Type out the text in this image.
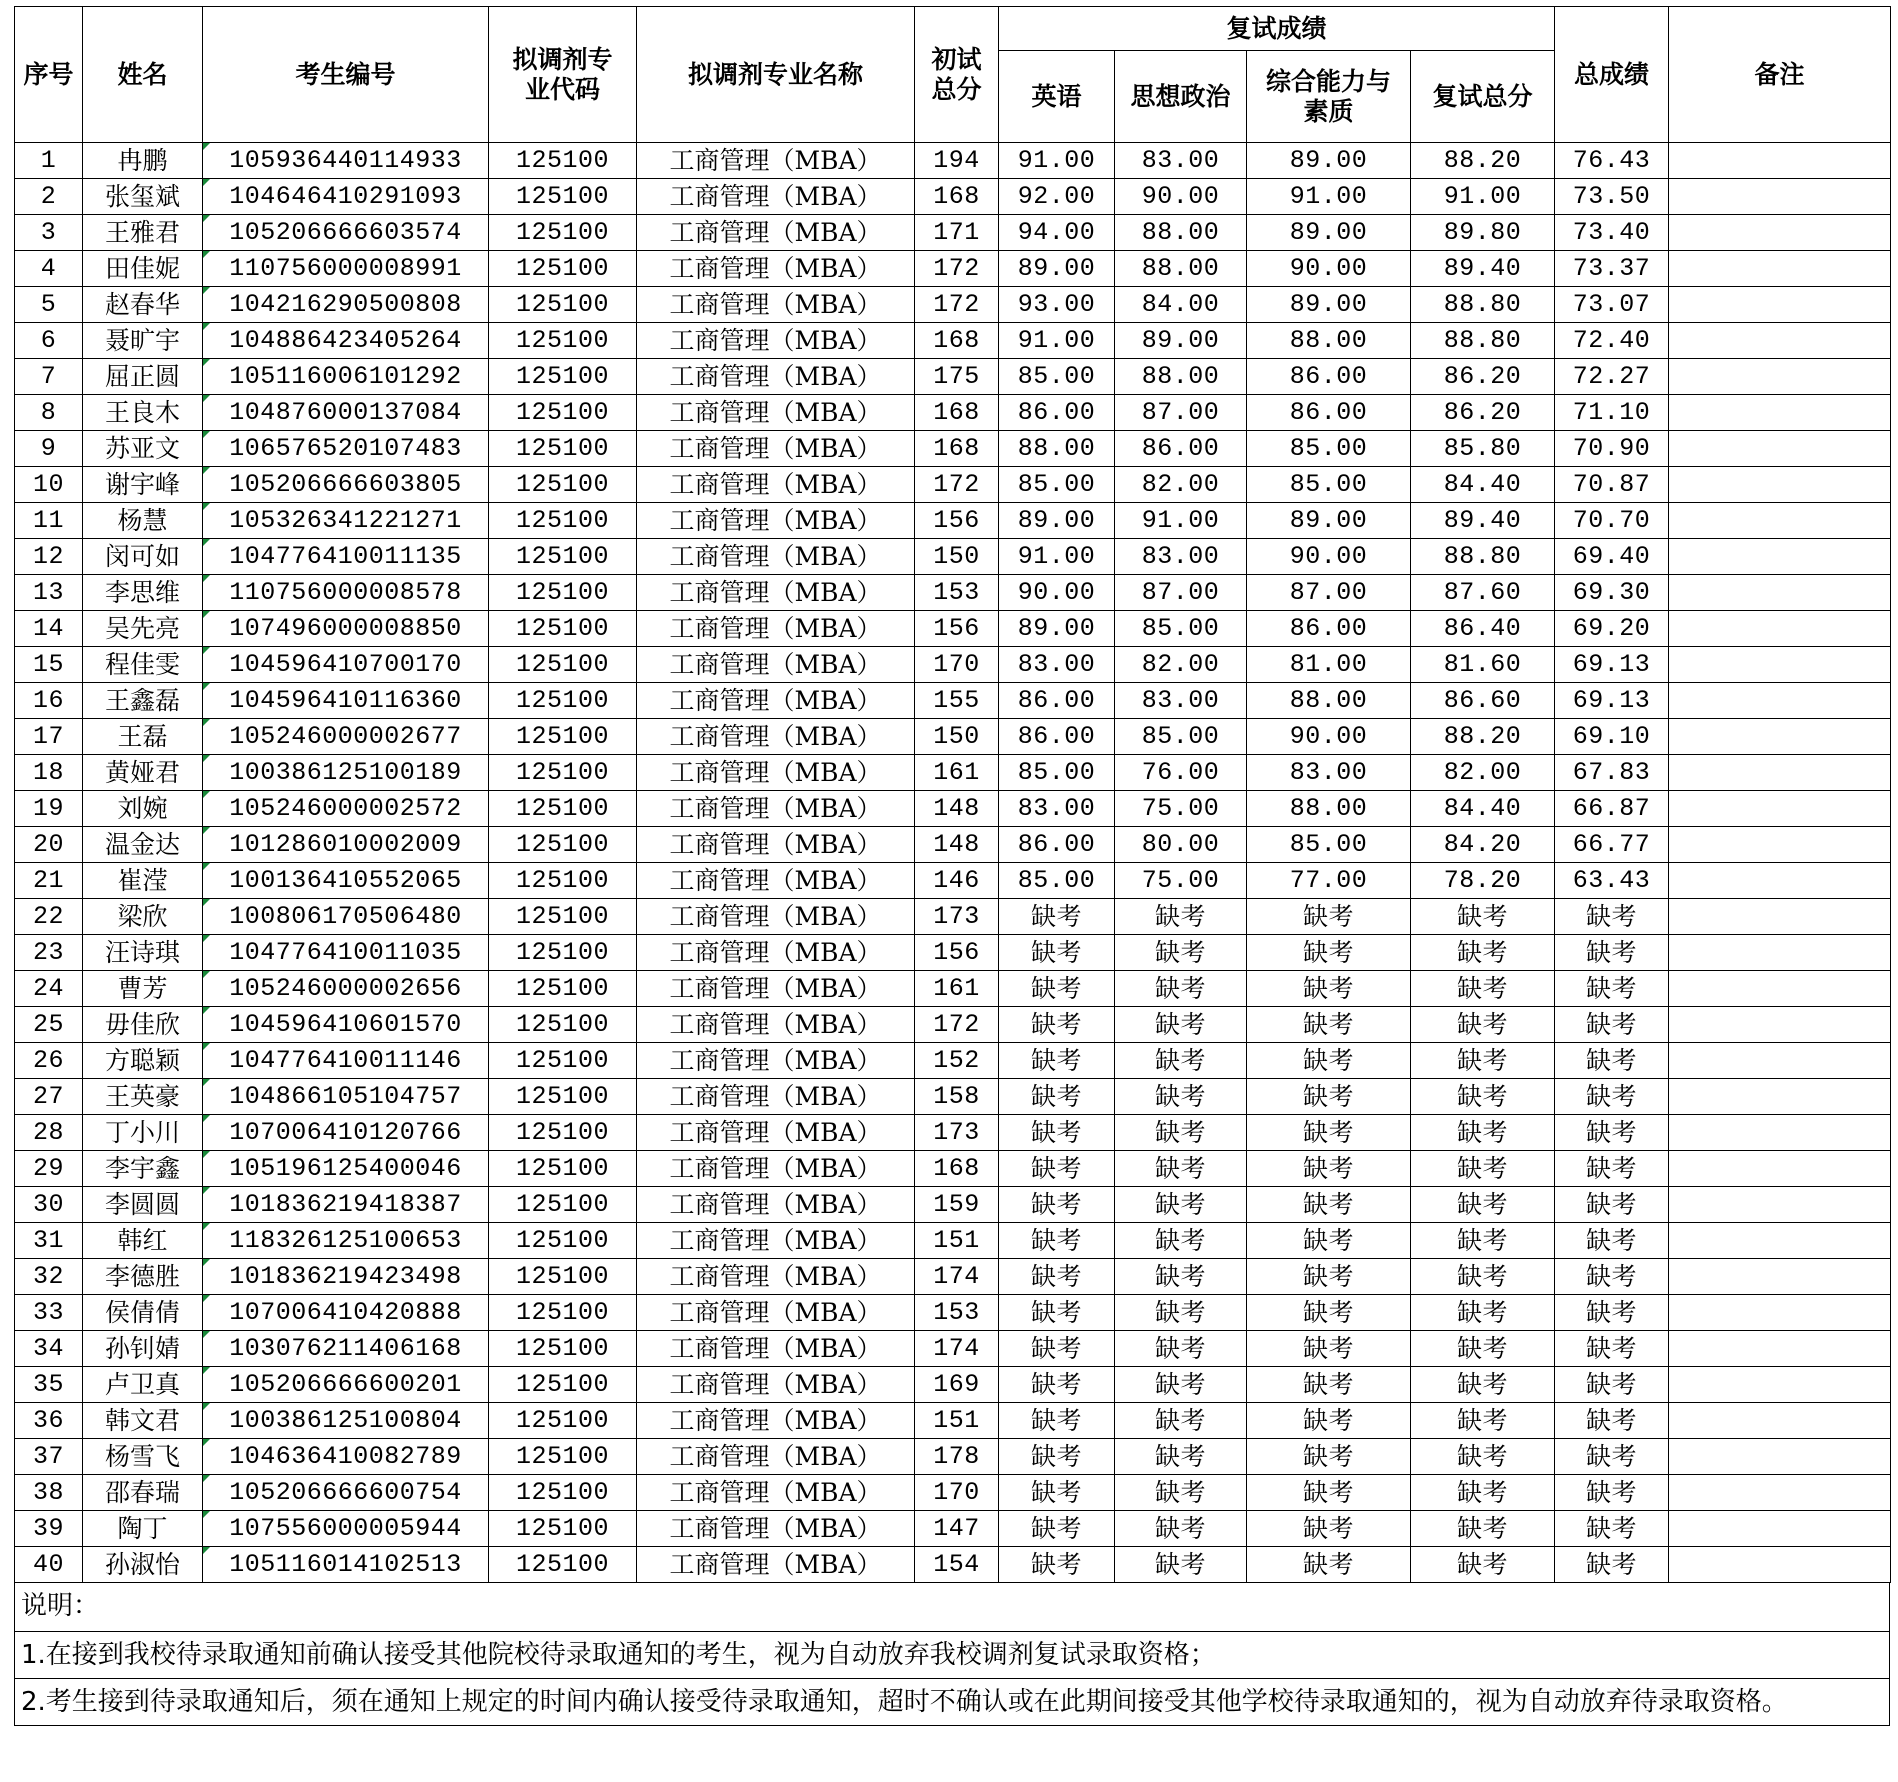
序号	姓名	考生编号	拟调剂专业代码	拟调剂专业名称	初试总分	复试成绩				总成绩	备注
						英语	思想政治	综合能力与素质	复试总分		
1	冉鹏	105936440114933	125100	工商管理（MBA）	194	91.00	83.00	89.00	88.20	76.43	
2	张玺斌	104646410291093	125100	工商管理（MBA）	168	92.00	90.00	91.00	91.00	73.50	
3	王雅君	105206666603574	125100	工商管理（MBA）	171	94.00	88.00	89.00	89.80	73.40	
4	田佳妮	110756000008991	125100	工商管理（MBA）	172	89.00	88.00	90.00	89.40	73.37	
5	赵春华	104216290500808	125100	工商管理（MBA）	172	93.00	84.00	89.00	88.80	73.07	
6	聂旷宇	104886423405264	125100	工商管理（MBA）	168	91.00	89.00	88.00	88.80	72.40	
7	屈正圆	105116006101292	125100	工商管理（MBA）	175	85.00	88.00	86.00	86.20	72.27	
8	王良木	104876000137084	125100	工商管理（MBA）	168	86.00	87.00	86.00	86.20	71.10	
9	苏亚文	106576520107483	125100	工商管理（MBA）	168	88.00	86.00	85.00	85.80	70.90	
10	谢宇峰	105206666603805	125100	工商管理（MBA）	172	85.00	82.00	85.00	84.40	70.87	
11	杨慧	105326341221271	125100	工商管理（MBA）	156	89.00	91.00	89.00	89.40	70.70	
12	闵可如	104776410011135	125100	工商管理（MBA）	150	91.00	83.00	90.00	88.80	69.40	
13	李思维	110756000008578	125100	工商管理（MBA）	153	90.00	87.00	87.00	87.60	69.30	
14	吴先亮	107496000008850	125100	工商管理（MBA）	156	89.00	85.00	86.00	86.40	69.20	
15	程佳雯	104596410700170	125100	工商管理（MBA）	170	83.00	82.00	81.00	81.60	69.13	
16	王鑫磊	104596410116360	125100	工商管理（MBA）	155	86.00	83.00	88.00	86.60	69.13	
17	王磊	105246000002677	125100	工商管理（MBA）	150	86.00	85.00	90.00	88.20	69.10	
18	黄娅君	100386125100189	125100	工商管理（MBA）	161	85.00	76.00	83.00	82.00	67.83	
19	刘婉	105246000002572	125100	工商管理（MBA）	148	83.00	75.00	88.00	84.40	66.87	
20	温金达	101286010002009	125100	工商管理（MBA）	148	86.00	80.00	85.00	84.20	66.77	
21	崔滢	100136410552065	125100	工商管理（MBA）	146	85.00	75.00	77.00	78.20	63.43	
22	梁欣	100806170506480	125100	工商管理（MBA）	173	缺考	缺考	缺考	缺考	缺考	
23	汪诗琪	104776410011035	125100	工商管理（MBA）	156	缺考	缺考	缺考	缺考	缺考	
24	曹芳	105246000002656	125100	工商管理（MBA）	161	缺考	缺考	缺考	缺考	缺考	
25	毋佳欣	104596410601570	125100	工商管理（MBA）	172	缺考	缺考	缺考	缺考	缺考	
26	方聪颖	104776410011146	125100	工商管理（MBA）	152	缺考	缺考	缺考	缺考	缺考	
27	王英豪	104866105104757	125100	工商管理（MBA）	158	缺考	缺考	缺考	缺考	缺考	
28	丁小川	107006410120766	125100	工商管理（MBA）	173	缺考	缺考	缺考	缺考	缺考	
29	李宇鑫	105196125400046	125100	工商管理（MBA）	168	缺考	缺考	缺考	缺考	缺考	
30	李圆圆	101836219418387	125100	工商管理（MBA）	159	缺考	缺考	缺考	缺考	缺考	
31	韩红	118326125100653	125100	工商管理（MBA）	151	缺考	缺考	缺考	缺考	缺考	
32	李德胜	101836219423498	125100	工商管理（MBA）	174	缺考	缺考	缺考	缺考	缺考	
33	侯倩倩	107006410420888	125100	工商管理（MBA）	153	缺考	缺考	缺考	缺考	缺考	
34	孙钊婧	103076211406168	125100	工商管理（MBA）	174	缺考	缺考	缺考	缺考	缺考	
35	卢卫真	105206666600201	125100	工商管理（MBA）	169	缺考	缺考	缺考	缺考	缺考	
36	韩文君	100386125100804	125100	工商管理（MBA）	151	缺考	缺考	缺考	缺考	缺考	
37	杨雪飞	104636410082789	125100	工商管理（MBA）	178	缺考	缺考	缺考	缺考	缺考	
38	邵春瑞	105206666600754	125100	工商管理（MBA）	170	缺考	缺考	缺考	缺考	缺考	
39	陶丁	107556000005944	125100	工商管理（MBA）	147	缺考	缺考	缺考	缺考	缺考	
40	孙淑怡	105116014102513	125100	工商管理（MBA）	154	缺考	缺考	缺考	缺考	缺考	
说明：
1.在接到我校待录取通知前确认接受其他院校待录取通知的考生，视为自动放弃我校调剂复试录取资格；
2.考生接到待录取通知后，须在通知上规定的时间内确认接受待录取通知，超时不确认或在此期间接受其他学校待录取通知的，视为自动放弃待录取资格。
